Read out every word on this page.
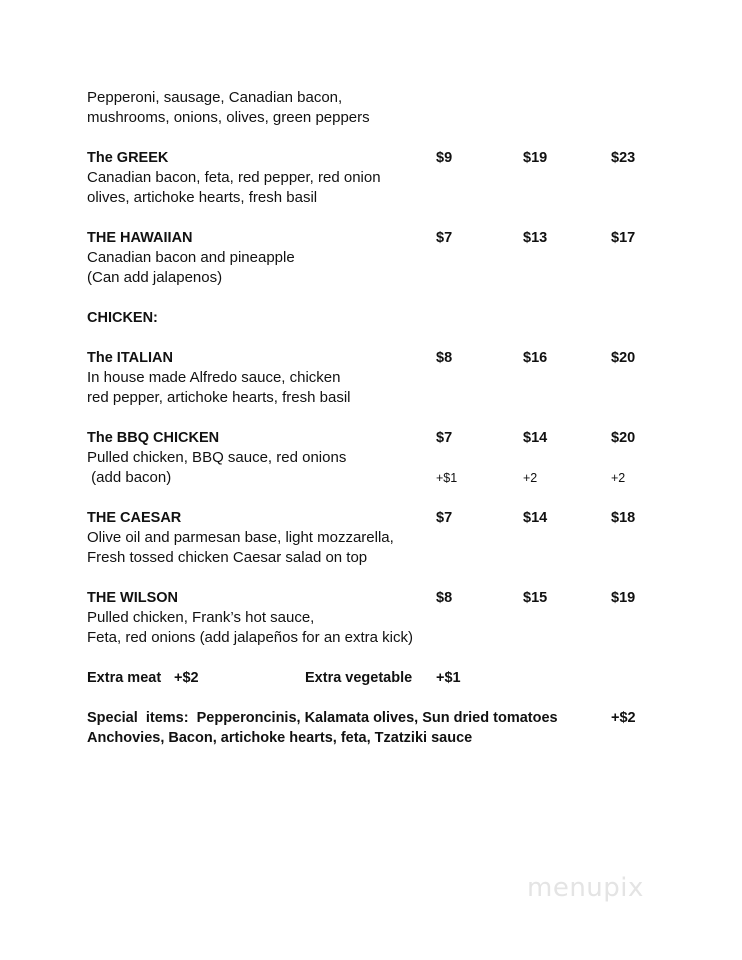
Pepperoni, sausage, Canadian bacon,
mushrooms, onions, olives, green peppers
The GREEK
Canadian bacon, feta, red pepper, red onion
olives, artichoke hearts, fresh basil
$9	$19	$23
THE HAWAIIAN
Canadian bacon and pineapple
(Can add jalapenos)
$7	$13	$17
CHICKEN:
The ITALIAN
In house made Alfredo sauce, chicken
red pepper, artichoke hearts, fresh basil
$8	$16	$20
The BBQ CHICKEN
Pulled chicken, BBQ sauce, red onions
(add bacon)
$7	$14	$20
+$1	+2	+2
THE CAESAR
Olive oil and parmesan base, light mozzarella,
Fresh tossed chicken Caesar salad on top
$7	$14	$18
THE WILSON
Pulled chicken, Frank’s hot sauce,
Feta, red onions (add jalapeños for an extra kick)
$8	$15	$19
Extra meat +$2	Extra vegetable +$1
Special  items:  Pepperoncinis, Kalamata olives, Sun dried tomatoes
Anchovies, Bacon, artichoke hearts, feta, Tzatziki sauce
+$2
menupix
